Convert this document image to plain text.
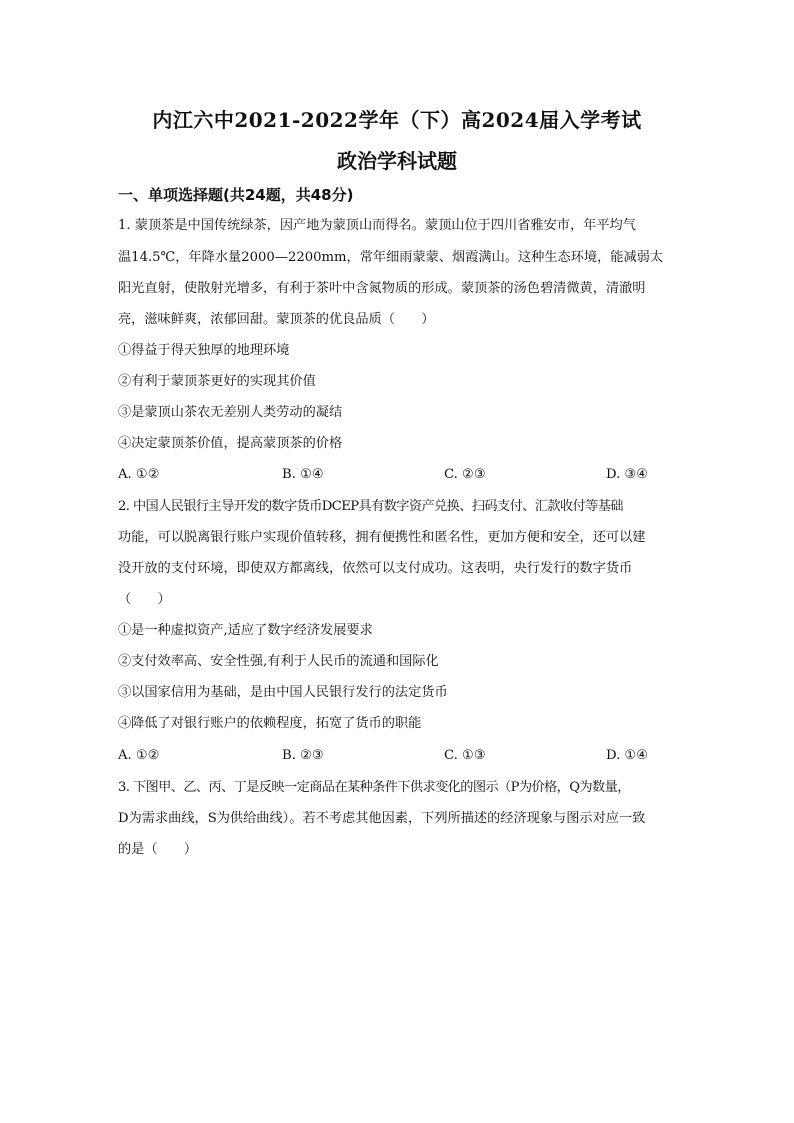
内江六中2021-2022学年（下）高2024届入学考试
政治学科试题
一、单项选择题(共24题，共48分)
1. 蒙顶茶是中国传统绿茶，因产地为蒙顶山而得名。蒙顶山位于四川省雅安市，年平均气
温14.5℃，年降水量2000—2200mm，常年细雨蒙蒙、烟霞满山。这种生态环境，能减弱太
阳光直射，使散射光增多，有利于茶叶中含氮物质的形成。蒙顶茶的汤色碧清微黄，清澈明
亮，滋味鲜爽，浓郁回甜。蒙顶茶的优良品质（　　）
①得益于得天独厚的地理环境
②有利于蒙顶茶更好的实现其价值
③是蒙顶山茶农无差别人类劳动的凝结
④决定蒙顶茶价值，提高蒙顶茶的价格
A. ①②	B. ①④	C. ②③	D. ③④
2. 中国人民银行主导开发的数字货币DCEP具有数字资产兑换、扫码支付、汇款收付等基础
功能，可以脱离银行账户实现价值转移，拥有便携性和匿名性，更加方便和安全，还可以建
没开放的支付环境，即使双方都离线，依然可以支付成功。这表明，央行发行的数字货币
（　　）
①是一种虚拟资产,适应了数字经济发展要求
②支付效率高、安全性强,有利于人民币的流通和国际化
③以国家信用为基础，是由中国人民银行发行的法定货币
④降低了对银行账户的依赖程度，拓宽了货币的职能
A. ①②	B. ②③	C. ①③	D. ①④
3. 下图甲、乙、丙、丁是反映一定商品在某种条件下供求变化的图示（P为价格，Q为数量，
D为需求曲线，S为供给曲线）。若不考虑其他因素，下列所描述的经济现象与图示对应一致
的是（　　）
